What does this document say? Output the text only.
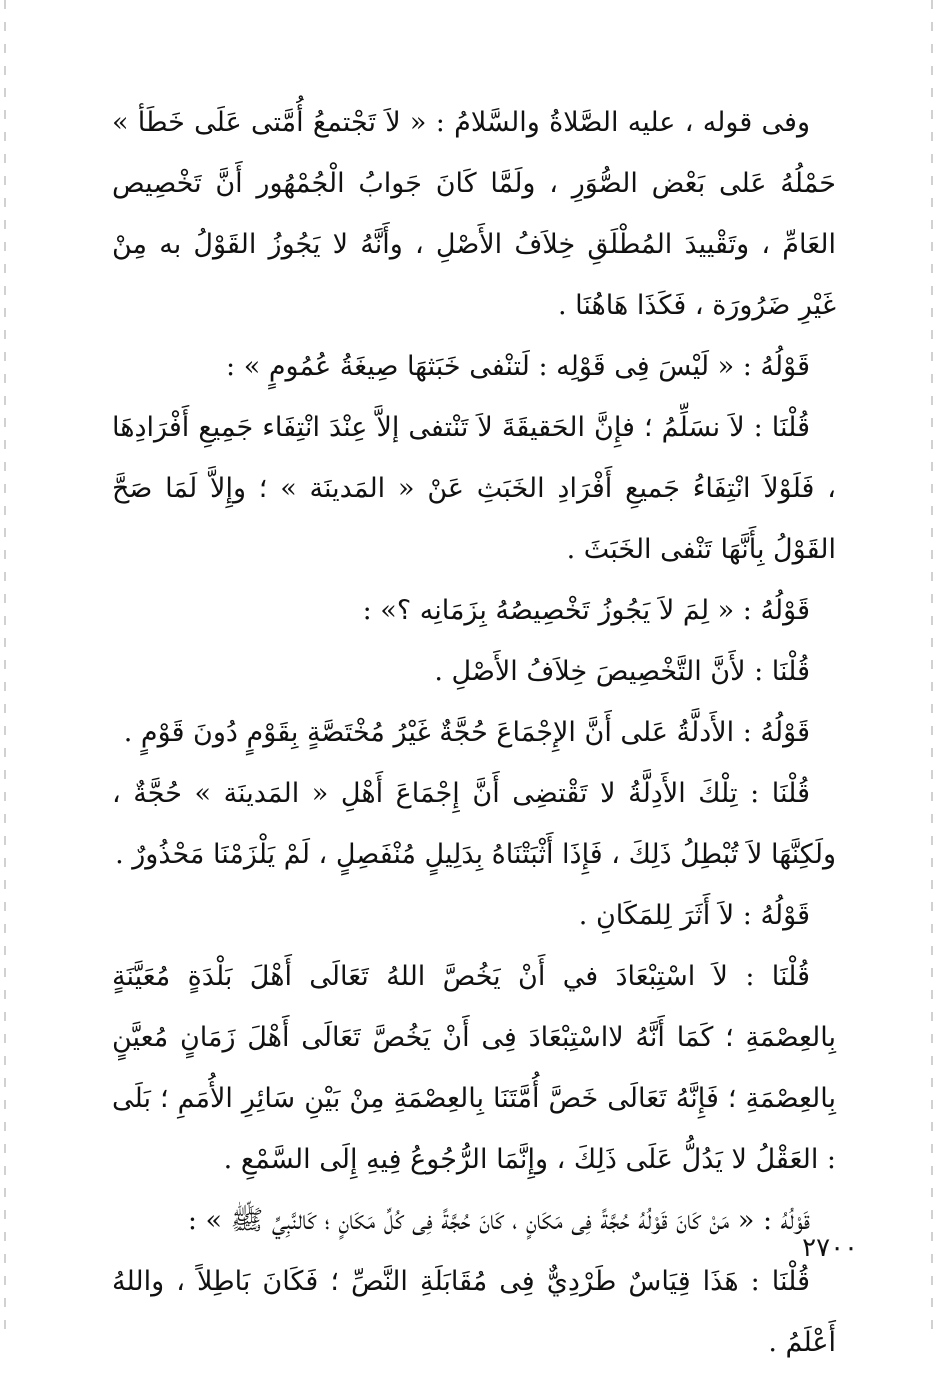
وفى قوله ، عليه الصَّلاةُ والسَّلامُ : « لاَ تَجْتمعُ أُمَّتى عَلَى خَطَأ » حَمْلُهُ عَلى بَعْض الصُّوَرِ ، ولَمَّا كَانَ جَوابُ الْجُمْهُور أَنَّ تَخْصِيص العَامِّ ، وتَقْييدَ المُطْلَقِ خِلاَفُ الأَصْلِ ، وأَنَّهُ لا يَجُوزُ القَوْلُ به مِنْ غَيْرِ ضَرُورَة ، فَكَذَا هَاهُنَا .

قَوْلُهُ : « لَيْسَ فِى قَوْلِه : لَتنْفى خَبَثهَا صِيغَةُ عُمُومٍ » :

قُلْنَا : لاَ نسَلِّمُ ؛ فإِنَّ الحَقيقَةَ لاَ تَنْتفى إلاَّ عِنْدَ انْتِفَاء جَمِيعِ أَفْرَادِهَا ، فَلَوْلاَ انْتِفَاءُ جَميعِ أَفْرَادِ الخَبَثِ عَنْ « المَدينَة » ؛ وإِلاَّ لَمَا صَحَّ القَوْلُ بِأَنَّهَا تَنْفى الخَبَثَ .

قَوْلُهُ : « لِمَ لاَ يَجُوزُ تَخْصِيصُهُ بِزَمَانِه ؟» :

قُلْنَا : لأَنَّ التَّخْصِيصَ خِلاَفُ الأَصْلِ .

قَوْلُهُ : الأَدلَّةُ عَلى أَنَّ الإِجْمَاعَ حُجَّةٌ غَيْرُ مُخْتَصَّةٍ بِقَوْمٍ دُونَ قَوْمٍ .

قُلْنَا : تِلْكَ الأَدِلَّةُ لا تَقْتضِى أَنَّ إِجْمَاعَ أَهْلِ « المَدينَة » حُجَّةٌ ، ولَكِنَّهَا لاَ تُبْطِلُ ذَلِكَ ، فَإِذَا أَثْبَتْنَاهُ بِدَلِيلٍ مُنْفَصِلٍ ، لَمْ يَلْزَمْنَا مَحْذُورٌ .

قَوْلُهُ : لاَ أَثَرَ لِلمَكَانِ .

قُلْنَا : لاَ اسْتِبْعَادَ في أَنْ يَخُصَّ اللهُ تَعَالَى أَهْلَ بَلْدَةٍ مُعَيَّنَةٍ بِالعِصْمَةِ ؛ كَمَا أَنَّهُ لااسْتِبْعَادَ فِى أَنْ يَخُصَّ تَعَالَى أَهْلَ زَمَانٍ مُعيَّنٍ بِالعِصْمَةِ ؛ فَإِنَّهُ تَعَالَى خَصَّ أُمَّتَنَا بِالعِصْمَةِ مِنْ بَيْنِ سَائِرِ الأُمَمِ ؛ بَلَى : العَقْلُ لا يَدُلُّ عَلَى ذَلِكَ ، وإِنَّمَا الرُّجُوعُ فِيهِ إِلَى السَّمْعِ .

قَوْلُهُ : « مَنْ كَانَ قَوْلُهُ حُجَّةً فِى مَكَانٍ ، كَانَ حُجَّةً فِى كُلِّ مَكَانٍ ؛ كَالنَّبِيِّ ﷺ » :

قُلْنَا : هَذَا قِيَاسٌ طَرْدِيٌّ فِى مُقَابَلَةِ النَّصِّ ؛ فَكَانَ بَاطِلاً ، واللهُ أَعْلَمُ .

٢٧٠٠
